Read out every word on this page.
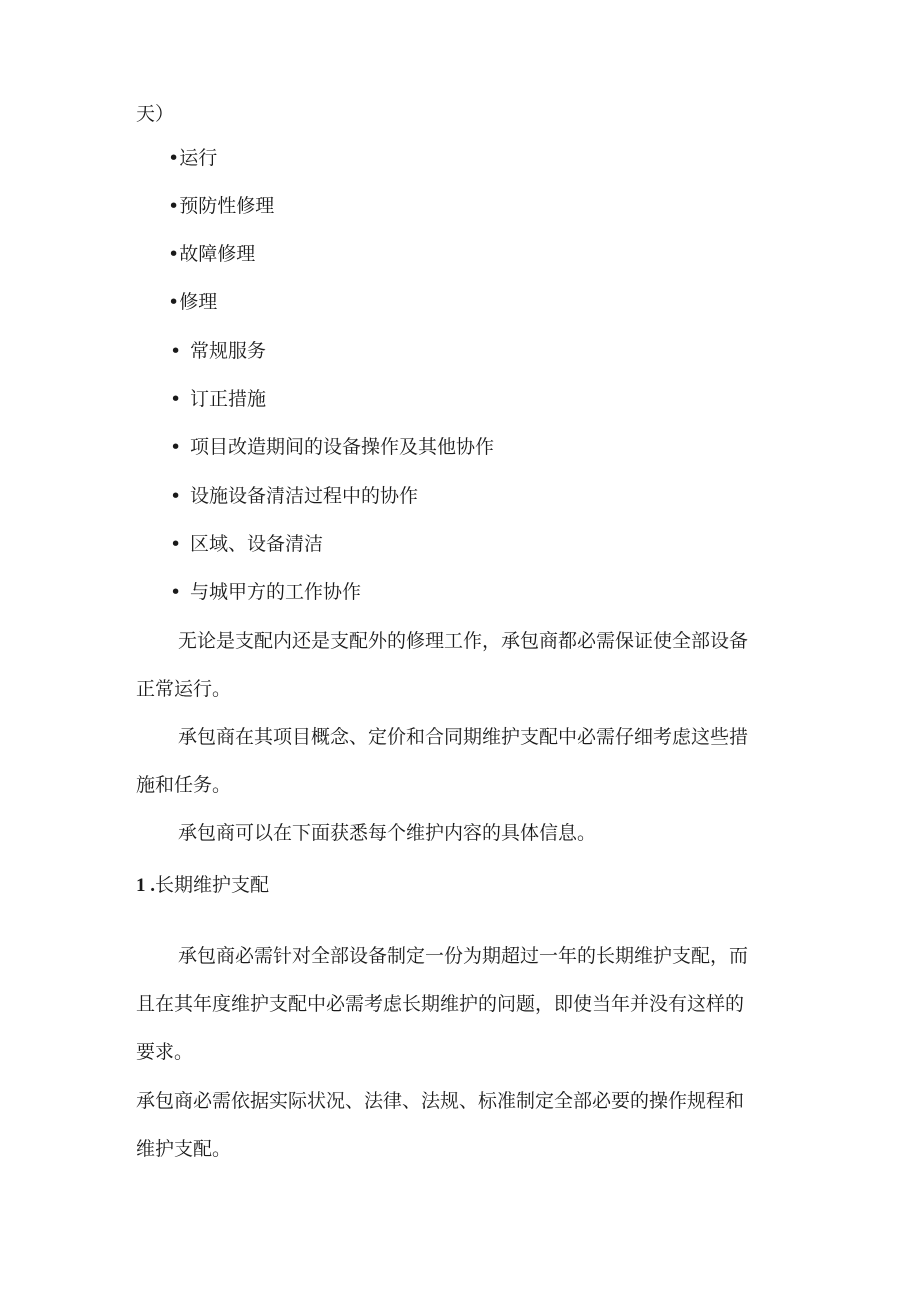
天）
•运行
•预防性修理
•故障修理
•修理
• 常规服务
• 订正措施
• 项目改造期间的设备操作及其他协作
• 设施设备清洁过程中的协作
• 区域、设备清洁
• 与城甲方的工作协作
无论是支配内还是支配外的修理工作，承包商都必需保证使全部设备
正常运行。
承包商在其项目概念、定价和合同期维护支配中必需仔细考虑这些措
施和任务。
承包商可以在下面获悉每个维护内容的具体信息。
1 .长期维护支配
承包商必需针对全部设备制定一份为期超过一年的长期维护支配，而
且在其年度维护支配中必需考虑长期维护的问题，即使当年并没有这样的
要求。
承包商必需依据实际状况、法律、法规、标准制定全部必要的操作规程和
维护支配。
